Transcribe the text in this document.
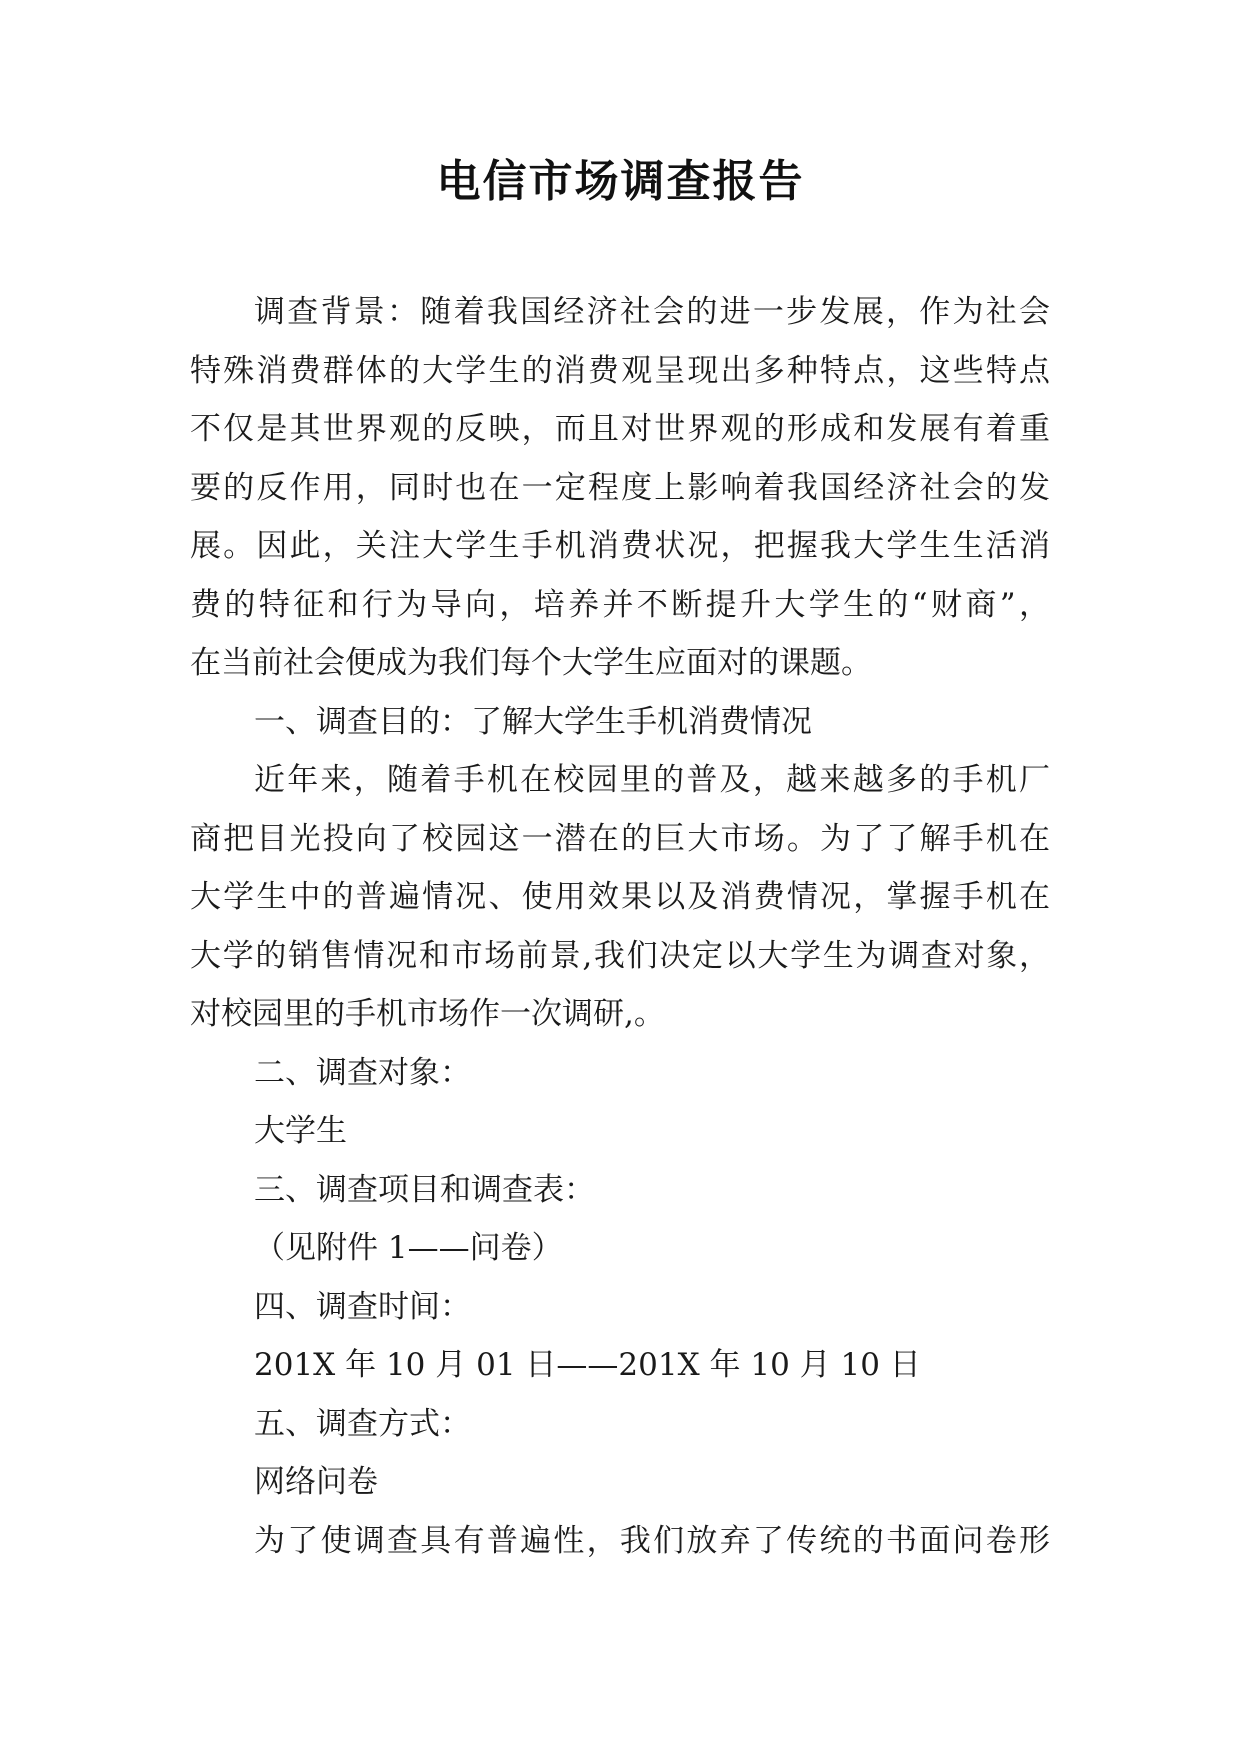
电信市场调查报告
调查背景：随着我国经济社会的进一步发展，作为社会
特殊消费群体的大学生的消费观呈现出多种特点，这些特点
不仅是其世界观的反映，而且对世界观的形成和发展有着重
要的反作用，同时也在一定程度上影响着我国经济社会的发
展。因此，关注大学生手机消费状况，把握我大学生生活消
费的特征和行为导向，培养并不断提升大学生的“财商”，
在当前社会便成为我们每个大学生应面对的课题。
一、调查目的：了解大学生手机消费情况
近年来，随着手机在校园里的普及，越来越多的手机厂
商把目光投向了校园这一潜在的巨大市场。为了了解手机在
大学生中的普遍情况、使用效果以及消费情况，掌握手机在
大学的销售情况和市场前景,我们决定以大学生为调查对象，
对校园里的手机市场作一次调研,。
二、调查对象：
大学生
三、调查项目和调查表：
（见附件 1——问卷）
四、调查时间：
201X 年 10 月 01 日——201X 年 10 月 10 日
五、调查方式：
网络问卷
为了使调查具有普遍性，我们放弃了传统的书面问卷形
